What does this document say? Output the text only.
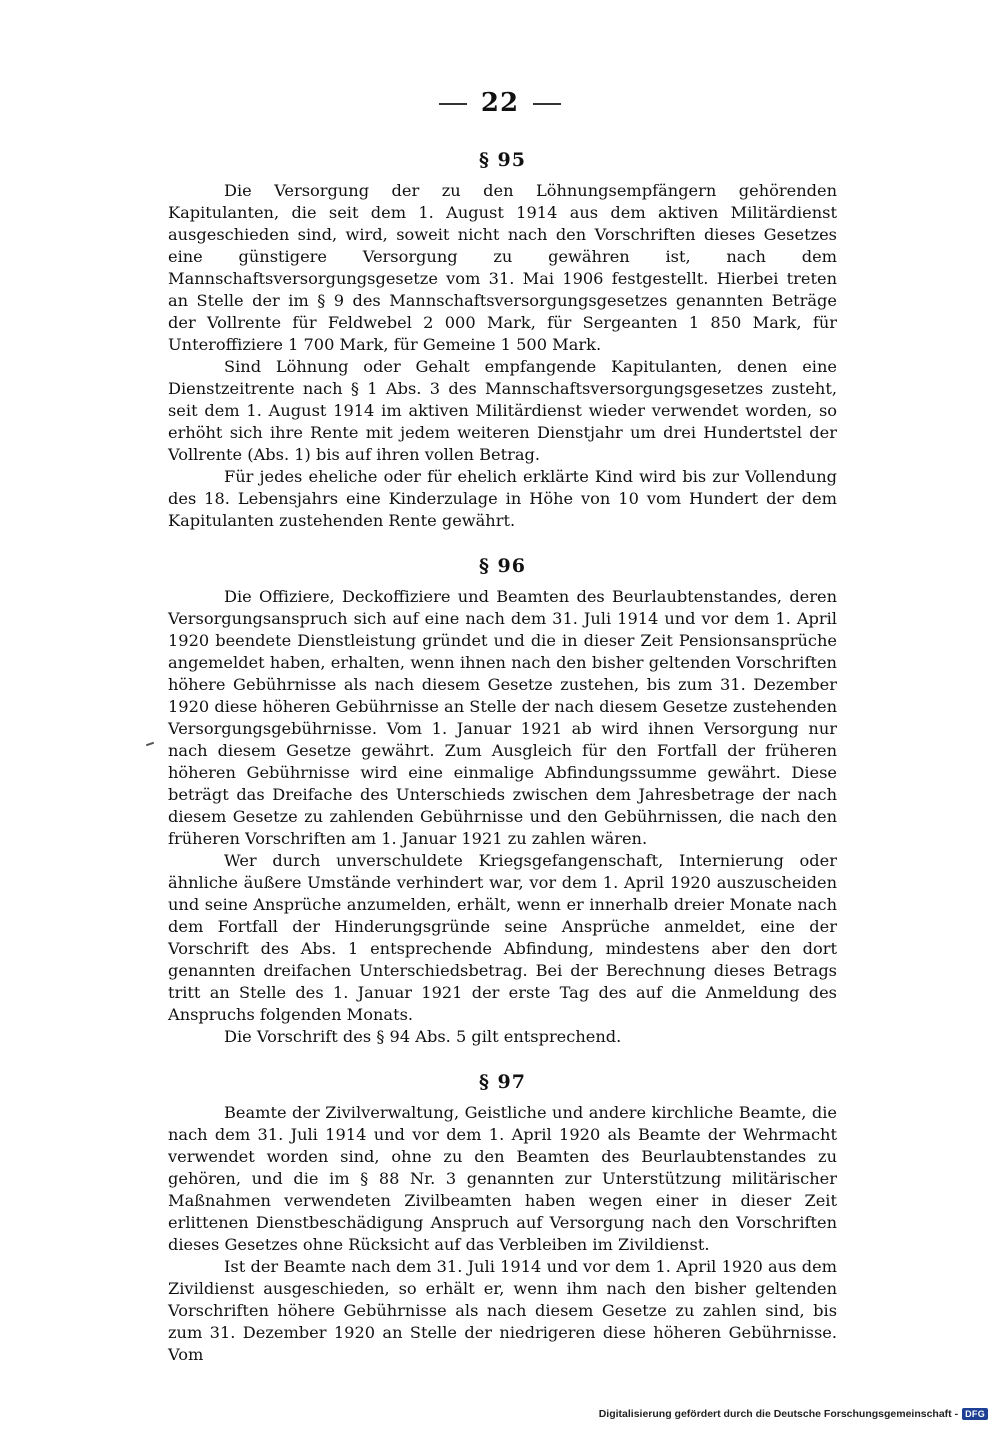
22
§ 95

Die Versorgung der zu den Löhnungsempfängern gehörenden Kapitulanten, die seit dem 1. August 1914 aus dem aktiven Militärdienst ausgeschieden sind, wird, soweit nicht nach den Vorschriften dieses Gesetzes eine günstigere Versorgung zu gewähren ist, nach dem Mannschaftsversorgungsgesetze vom 31. Mai 1906 festgestellt. Hierbei treten an Stelle der im § 9 des Mannschaftsversorgungsgesetzes genannten Beträge der Vollrente für Feldwebel 2 000 Mark, für Sergeanten 1 850 Mark, für Unteroffiziere 1 700 Mark, für Gemeine 1 500 Mark.

Sind Löhnung oder Gehalt empfangende Kapitulanten, denen eine Dienstzeitrente nach § 1 Abs. 3 des Mannschaftsversorgungsgesetzes zusteht, seit dem 1. August 1914 im aktiven Militärdienst wieder verwendet worden, so erhöht sich ihre Rente mit jedem weiteren Dienstjahr um drei Hundertstel der Vollrente (Abs. 1) bis auf ihren vollen Betrag.

Für jedes eheliche oder für ehelich erklärte Kind wird bis zur Vollendung des 18. Lebensjahrs eine Kinderzulage in Höhe von 10 vom Hundert der dem Kapitulanten zustehenden Rente gewährt.

§ 96

Die Offiziere, Deckoffiziere und Beamten des Beurlaubtenstandes, deren Versorgungsanspruch sich auf eine nach dem 31. Juli 1914 und vor dem 1. April 1920 beendete Dienstleistung gründet und die in dieser Zeit Pensionsansprüche angemeldet haben, erhalten, wenn ihnen nach den bisher geltenden Vorschriften höhere Gebührnisse als nach diesem Gesetze zustehen, bis zum 31. Dezember 1920 diese höheren Gebührnisse an Stelle der nach diesem Gesetze zustehenden Versorgungsgebührnisse. Vom 1. Januar 1921 ab wird ihnen Versorgung nur nach diesem Gesetze gewährt. Zum Ausgleich für den Fortfall der früheren höheren Gebührnisse wird eine einmalige Abfindungssumme gewährt. Diese beträgt das Dreifache des Unterschieds zwischen dem Jahresbetrage der nach diesem Gesetze zu zahlenden Gebührnisse und den Gebührnissen, die nach den früheren Vorschriften am 1. Januar 1921 zu zahlen wären.

Wer durch unverschuldete Kriegsgefangenschaft, Internierung oder ähnliche äußere Umstände verhindert war, vor dem 1. April 1920 auszuscheiden und seine Ansprüche anzumelden, erhält, wenn er innerhalb dreier Monate nach dem Fortfall der Hinderungsgründe seine Ansprüche anmeldet, eine der Vorschrift des Abs. 1 entsprechende Abfindung, mindestens aber den dort genannten dreifachen Unterschiedsbetrag. Bei der Berechnung dieses Betrags tritt an Stelle des 1. Januar 1921 der erste Tag des auf die Anmeldung des Anspruchs folgenden Monats.

Die Vorschrift des § 94 Abs. 5 gilt entsprechend.

§ 97

Beamte der Zivilverwaltung, Geistliche und andere kirchliche Beamte, die nach dem 31. Juli 1914 und vor dem 1. April 1920 als Beamte der Wehrmacht verwendet worden sind, ohne zu den Beamten des Beurlaubtenstandes zu gehören, und die im § 88 Nr. 3 genannten zur Unterstützung militärischer Maßnahmen verwendeten Zivilbeamten haben wegen einer in dieser Zeit erlittenen Dienstbeschädigung Anspruch auf Versorgung nach den Vorschriften dieses Gesetzes ohne Rücksicht auf das Verbleiben im Zivildienst.

Ist der Beamte nach dem 31. Juli 1914 und vor dem 1. April 1920 aus dem Zivildienst ausgeschieden, so erhält er, wenn ihm nach den bisher geltenden Vorschriften höhere Gebührnisse als nach diesem Gesetze zu zahlen sind, bis zum 31. Dezember 1920 an Stelle der niedrigeren diese höheren Gebührnisse. Vom

Digitalisierung gefördert durch die Deutsche Forschungsgemeinschaft - DFG
